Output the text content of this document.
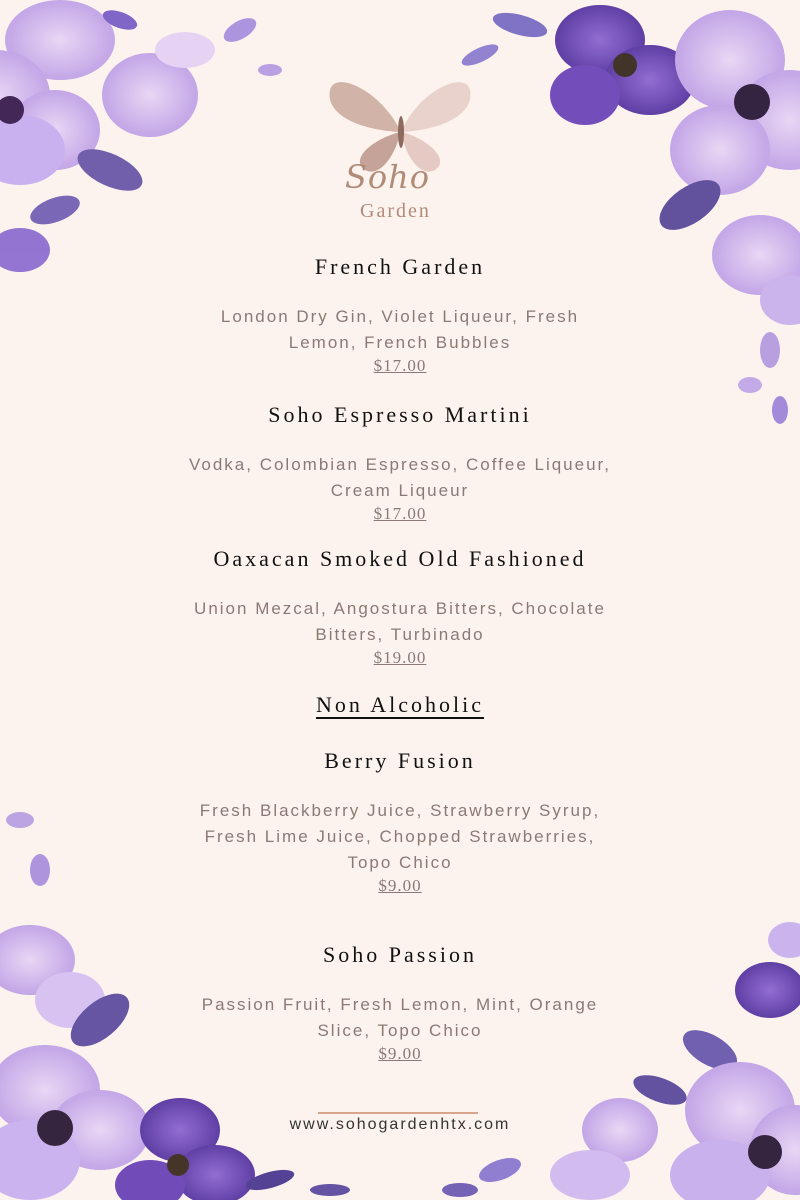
Soho
Garden

French Garden

London Dry Gin, Violet Liqueur, Fresh

Lemon, French Bubbles

$17.00

Soho Espresso Martini

Vodka, Colombian Espresso, Coffee Liqueur,

Cream Liqueur

$17.00

Oaxacan Smoked Old Fashioned

Union Mezcal, Angostura Bitters, Chocolate

Bitters, Turbinado

$19.00

Non Alcoholic

Berry Fusion

Fresh Blackberry Juice, Strawberry Syrup,

Fresh Lime Juice, Chopped Strawberries,

Topo Chico

$9.00

Soho Passion

Passion Fruit, Fresh Lemon, Mint, Orange

Slice, Topo Chico

$9.00

www.sohogardenhtx.com
